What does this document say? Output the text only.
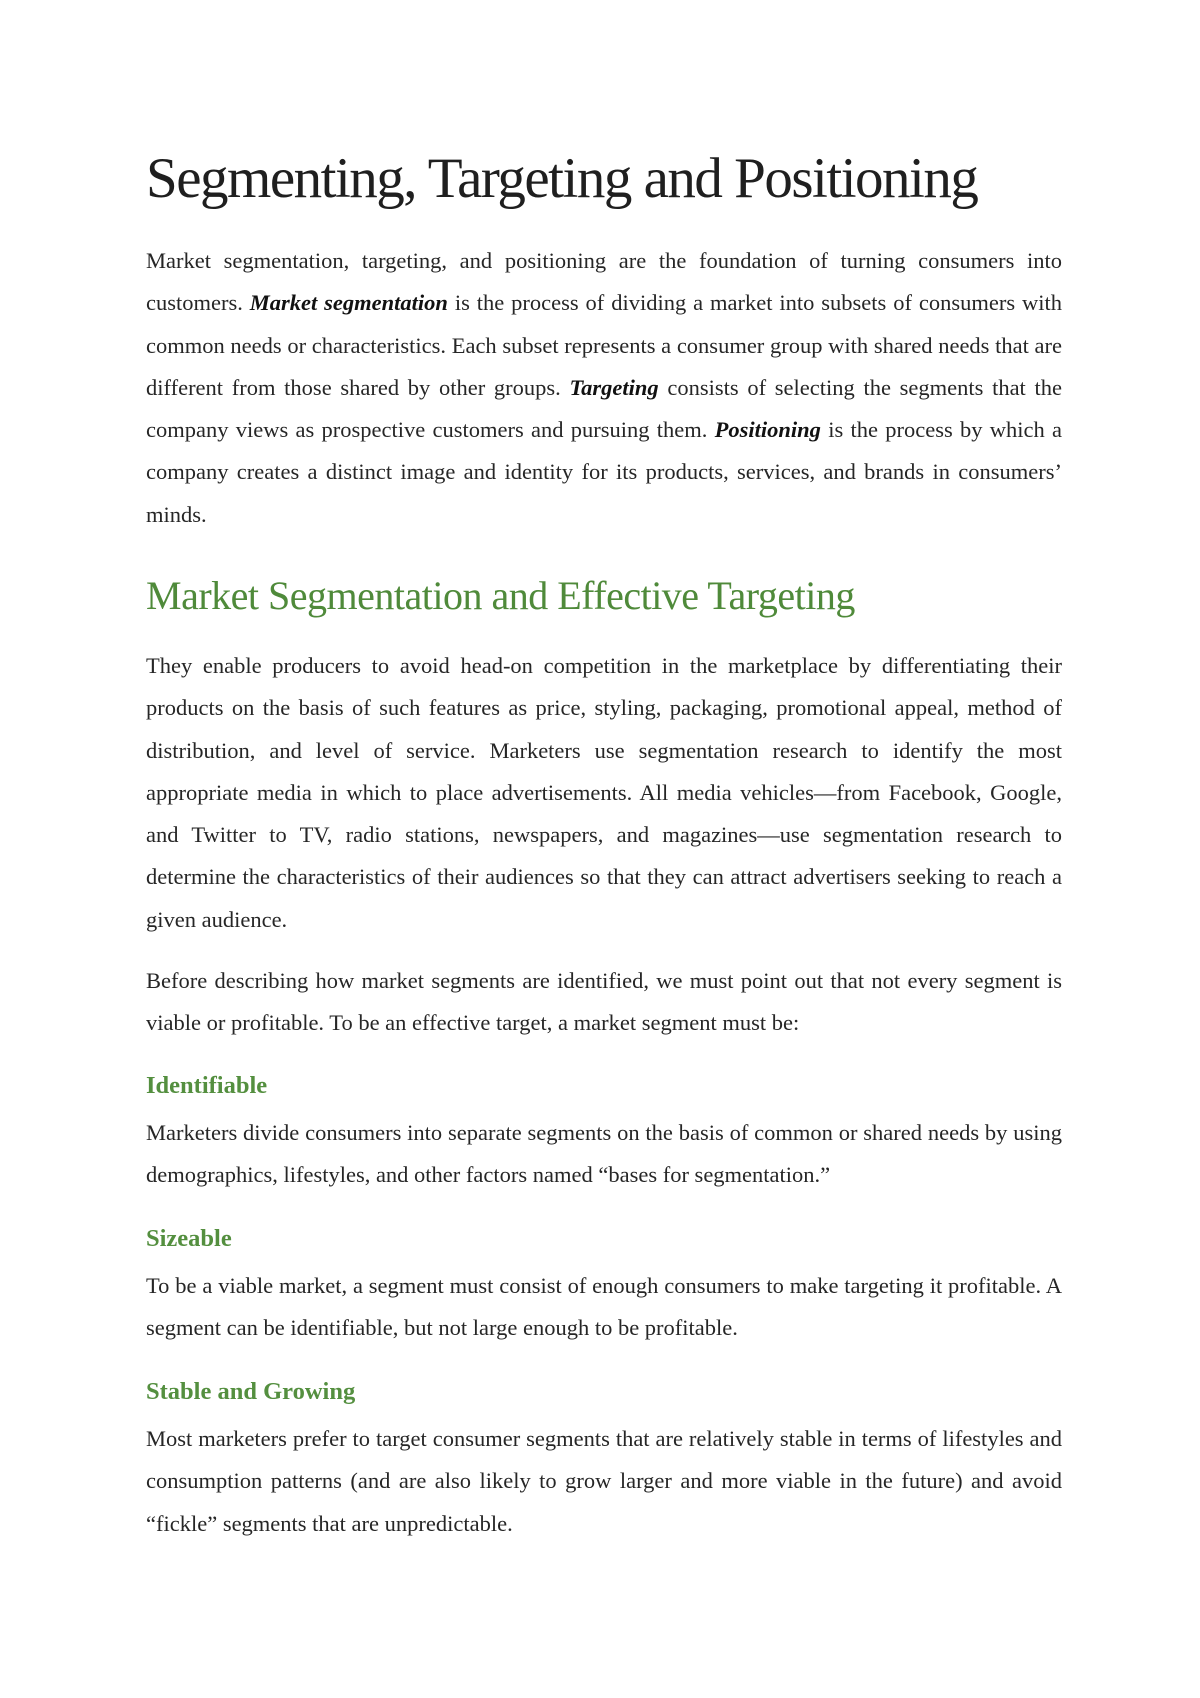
Segmenting, Targeting and Positioning

Market segmentation, targeting, and positioning are the foundation of turning consumers into customers. Market segmentation is the process of dividing a market into subsets of consumers with common needs or characteristics. Each subset represents a consumer group with shared needs that are different from those shared by other groups. Targeting consists of selecting the segments that the company views as prospective customers and pursuing them. Positioning is the process by which a company creates a distinct image and identity for its products, services, and brands in consumers’ minds.

Market Segmentation and Effective Targeting

They enable producers to avoid head-on competition in the marketplace by differentiating their products on the basis of such features as price, styling, packaging, promotional appeal, method of distribution, and level of service. Marketers use segmentation research to identify the most appropriate media in which to place advertisements. All media vehicles—from Facebook, Google, and Twitter to TV, radio stations, newspapers, and magazines—use segmentation research to determine the characteristics of their audiences so that they can attract advertisers seeking to reach a given audience.

Before describing how market segments are identified, we must point out that not every segment is viable or profitable. To be an effective target, a market segment must be:

Identifiable

Marketers divide consumers into separate segments on the basis of common or shared needs by using demographics, lifestyles, and other factors named “bases for segmentation.”

Sizeable

To be a viable market, a segment must consist of enough consumers to make targeting it profitable. A segment can be identifiable, but not large enough to be profitable.

Stable and Growing

Most marketers prefer to target consumer segments that are relatively stable in terms of lifestyles and consumption patterns (and are also likely to grow larger and more viable in the future) and avoid “fickle” segments that are unpredictable.
